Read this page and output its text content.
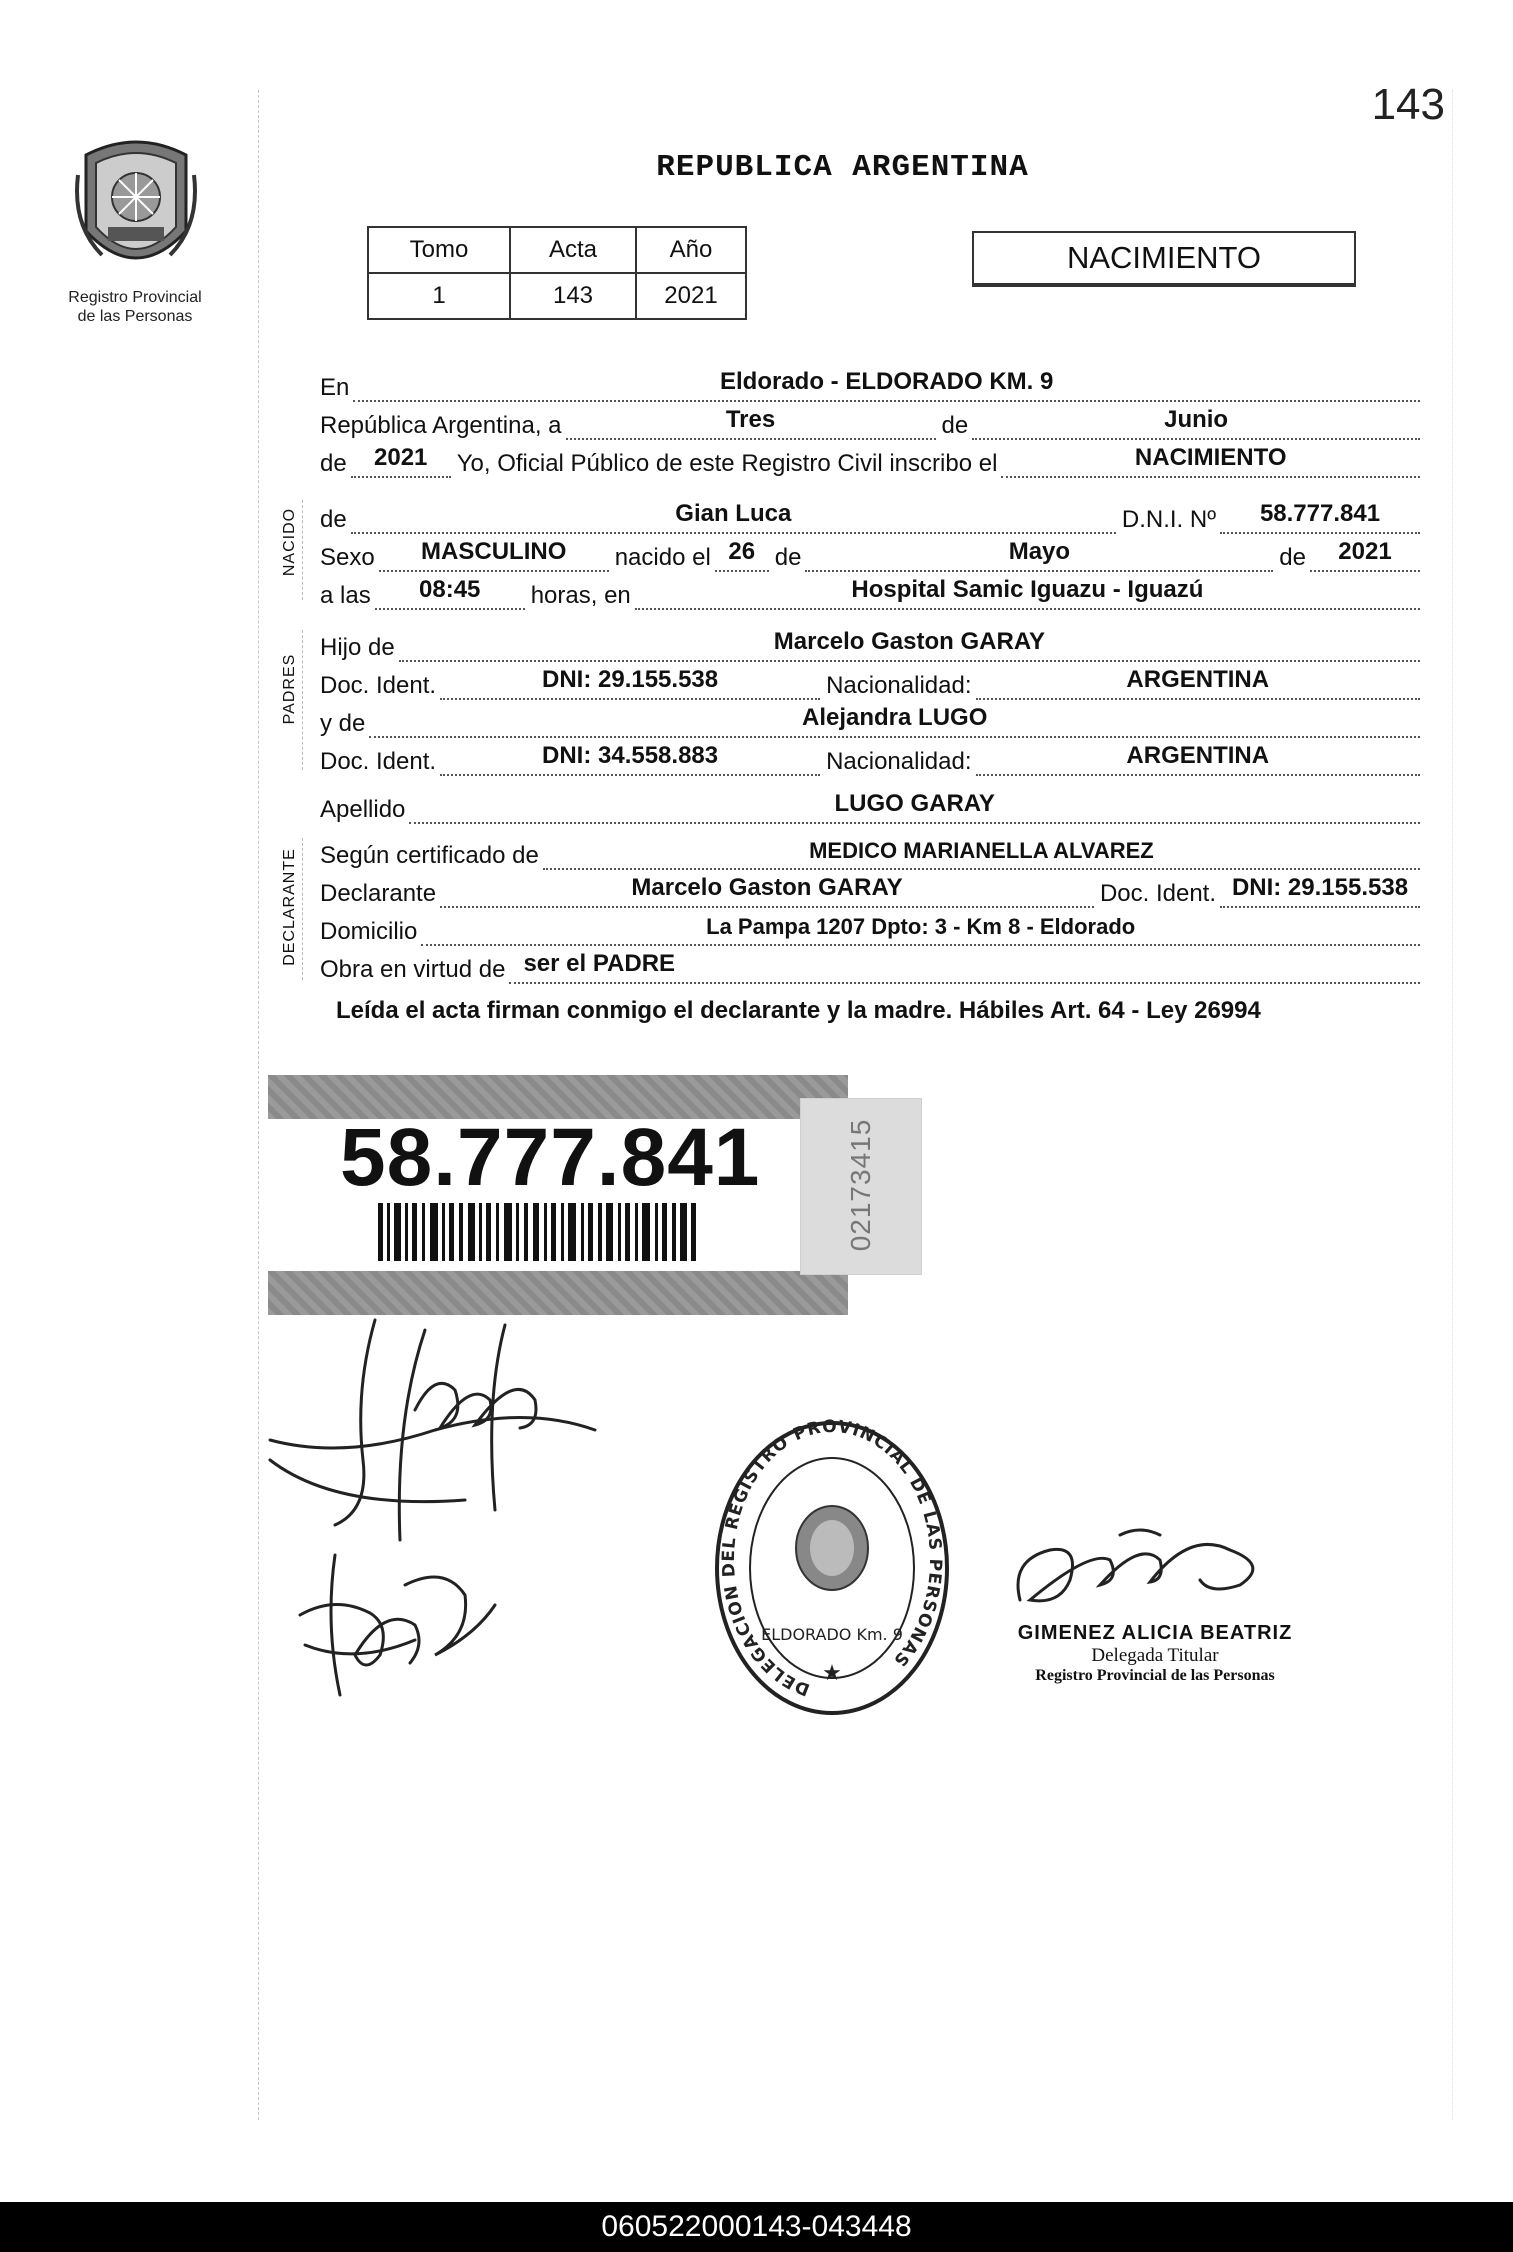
143
Registro Provincial
de las Personas
REPUBLICA ARGENTINA
Tomo	Acta	Año
1	143	2021
NACIMIENTO
En	Eldorado - ELDORADO KM. 9
República Argentina, a	Tres	de	Junio
de 2021 Yo, Oficial Público de este Registro Civil inscribo el	NACIMIENTO
NACIDO de	Gian Luca	D.N.I. Nº 58.777.841
Sexo MASCULINO nacido el 26 de	Mayo	de 2021
a las 08:45 horas, en	Hospital Samic Iguazu - Iguazú
PADRES
Hijo de	Marcelo Gaston GARAY
Doc. Ident.	DNI: 29.155.538	Nacionalidad:	ARGENTINA
y de	Alejandra LUGO
Doc. Ident.	DNI: 34.558.883	Nacionalidad:	ARGENTINA
Apellido	LUGO GARAY
DECLARANTE Según certificado de	MEDICO MARIANELLA ALVAREZ
Declarante	Marcelo Gaston GARAY	Doc. Ident. DNI: 29.155.538
Domicilio	La Pampa 1207 Dpto: 3 - Km 8 - Eldorado
Obra en virtud de ser el PADRE
Leída el acta firman conmigo el declarante y la madre. Hábiles Art. 64 - Ley 26994
58.777.841	02173415
DELEGACION DEL REGISTRO PROVINCIAL DE LAS PERSONAS
ELDORADO Km. 9
★
GIMENEZ ALICIA BEATRIZ
Delegada Titular
Registro Provincial de las Personas
060522000143-043448
